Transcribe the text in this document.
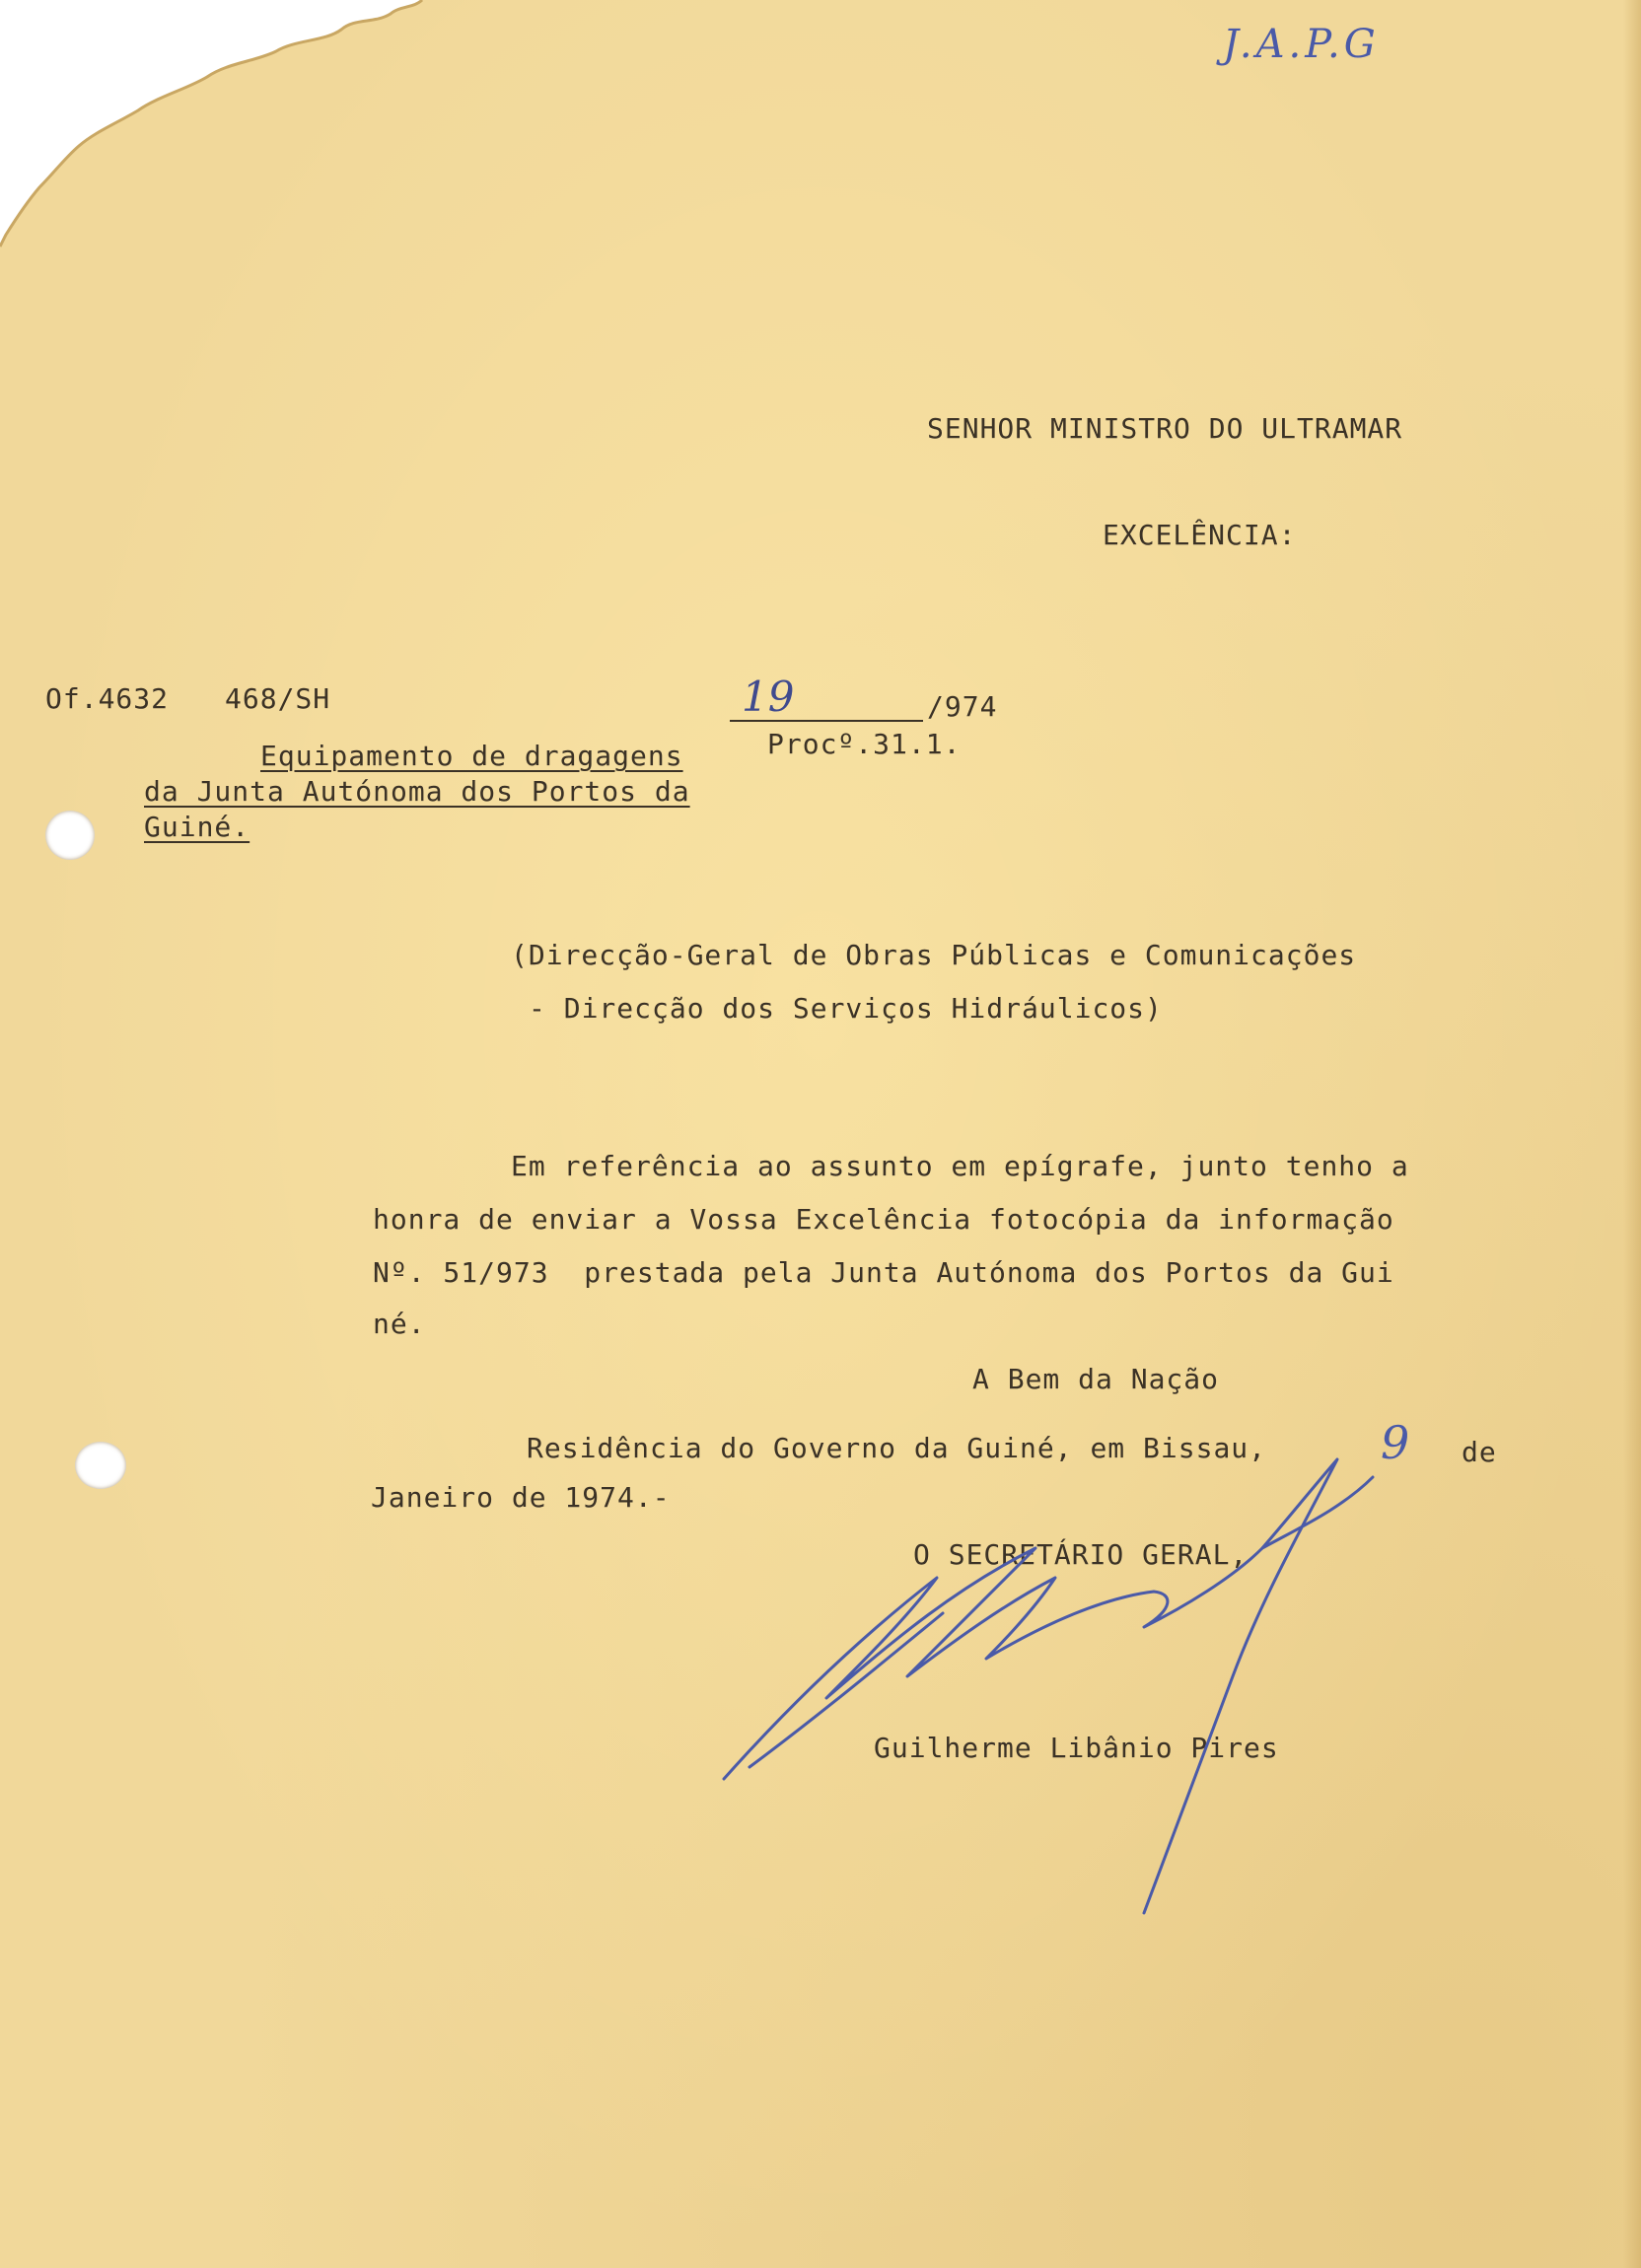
J.A.P.G
SENHOR MINISTRO DO ULTRAMAR
EXCELÊNCIA:
Of.4632 468/SH	19	/974
Procº.31.1.
Equipamento de dragagens
da Junta Autónoma dos Portos da
Guiné.
(Direcção-Geral de Obras Públicas e Comunicações
- Direcção dos Serviços Hidráulicos)
Em referência ao assunto em epígrafe, junto tenho a
honra de enviar a Vossa Excelência fotocópia da informação
Nº. 51/973  prestada pela Junta Autónoma dos Portos da Gui
né.
A Bem da Nação
Residência do Governo da Guiné, em Bissau,	9 de
Janeiro de 1974.-
O SECRETÁRIO GERAL,
Guilherme Libânio Pires
